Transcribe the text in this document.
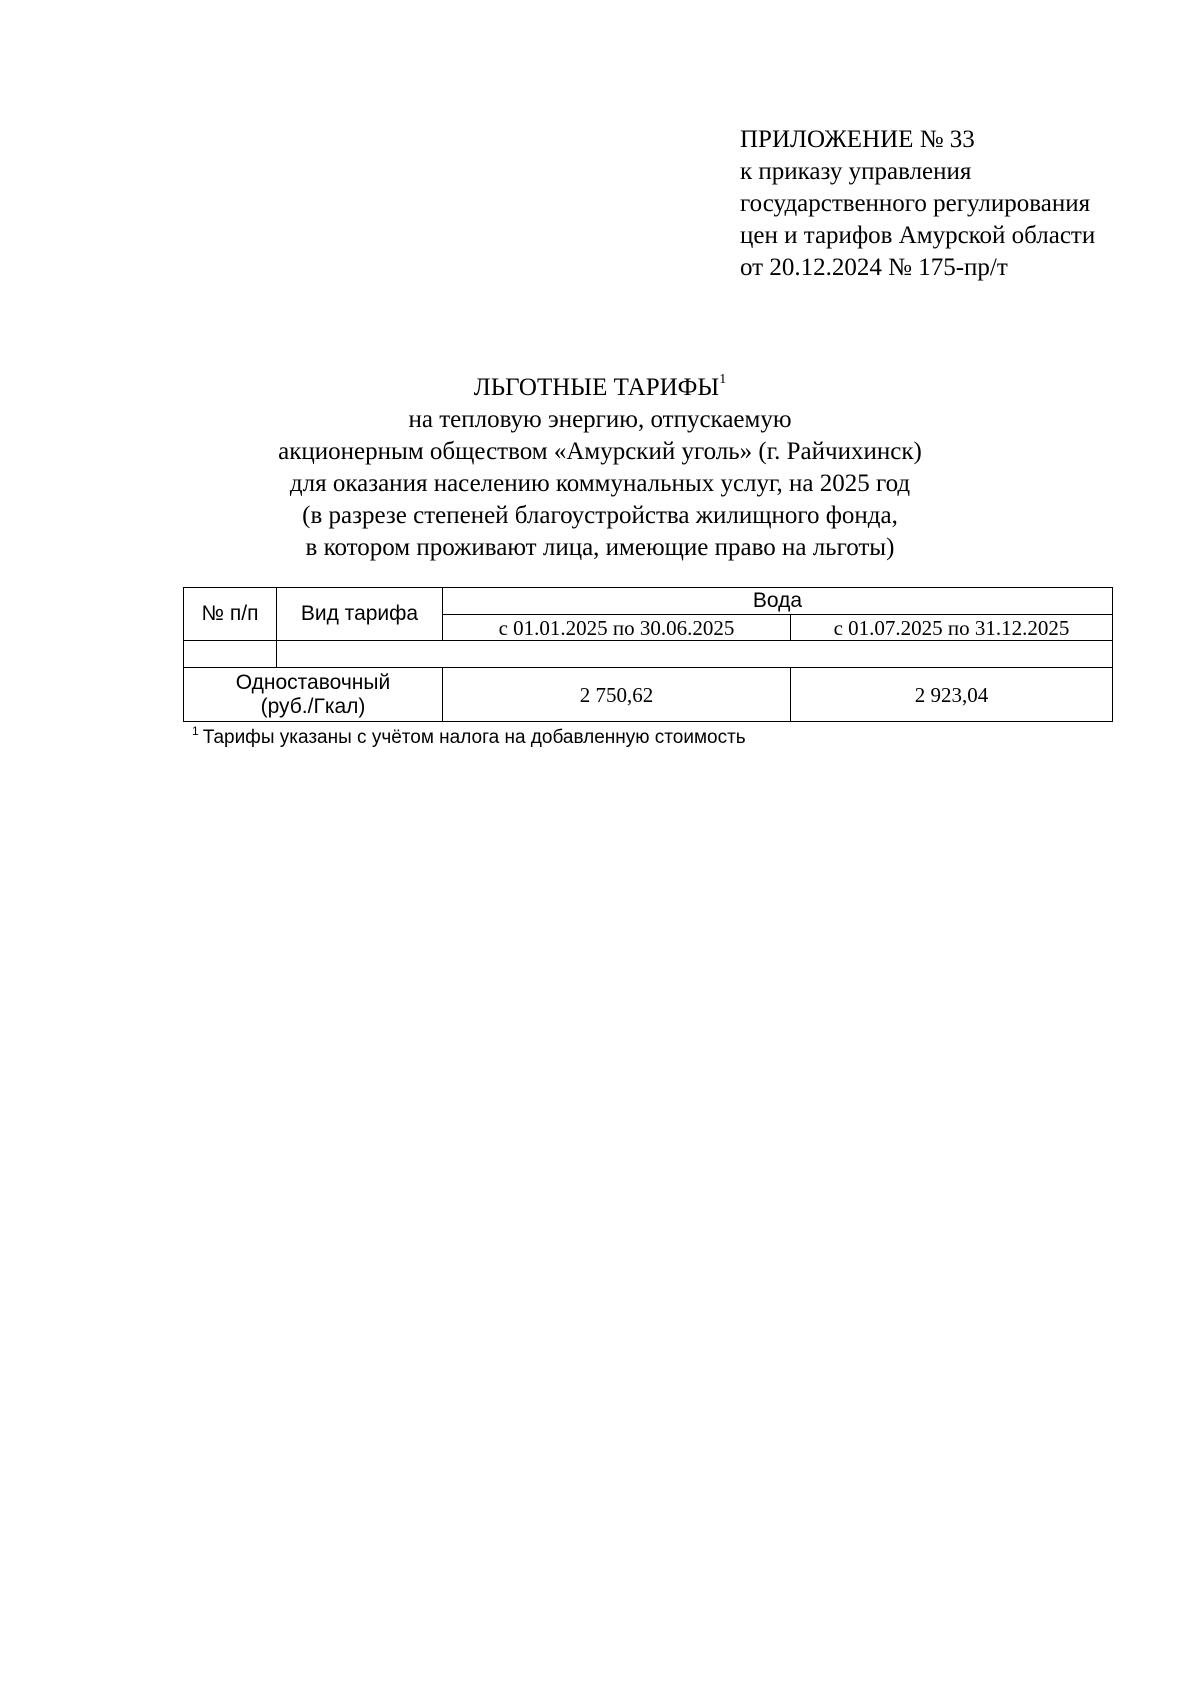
ПРИЛОЖЕНИЕ № 33
к приказу управления
государственного регулирования
цен и тарифов Амурской области
от 20.12.2024 № 175-пр/т
ЛЬГОТНЫЕ ТАРИФЫ$^1$
на тепловую энергию, отпускаемую
акционерным обществом «Амурский уголь» (г. Райчихинск)
для оказания населению коммунальных услуг, на 2025 год
(в разрезе степеней благоустройства жилищного фонда,
в котором проживают лица, имеющие право на льготы)
№ п/п	Вид тарифа	Вода	
		с 01.01.2025 по 30.06.2025	с 01.07.2025 по 31.12.2025

Одноставочный
(руб./Гкал)		2 750,62	2 923,04
$^1$ Тарифы указаны с учётом налога на добавленную стоимость
